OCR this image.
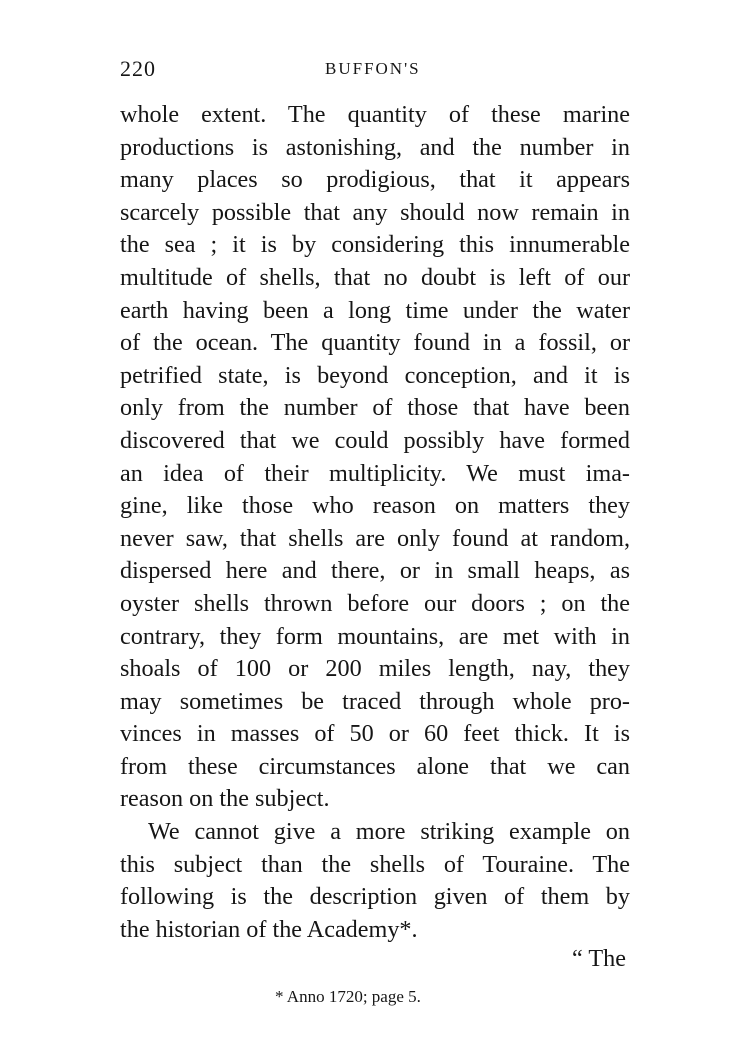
220	BUFFON'S
whole extent. The quantity of these marine
productions is astonishing, and the number in
many places so prodigious, that it appears
scarcely possible that any should now remain in
the sea ; it is by considering this innumerable
multitude of shells, that no doubt is left of our
earth having been a long time under the water
of the ocean. The quantity found in a fossil, or
petrified state, is beyond conception, and it is
only from the number of those that have been
discovered that we could possibly have formed
an idea of their multiplicity. We must ima-
gine, like those who reason on matters they
never saw, that shells are only found at random,
dispersed here and there, or in small heaps, as
oyster shells thrown before our doors ; on the
contrary, they form mountains, are met with in
shoals of 100 or 200 miles length, nay, they
may sometimes be traced through whole pro-
vinces in masses of 50 or 60 feet thick. It is
from these circumstances alone that we can
reason on the subject.
We cannot give a more striking example on
this subject than the shells of Touraine. The
following is the description given of them by
the historian of the Academy*.
“ The
* Anno 1720; page 5.
